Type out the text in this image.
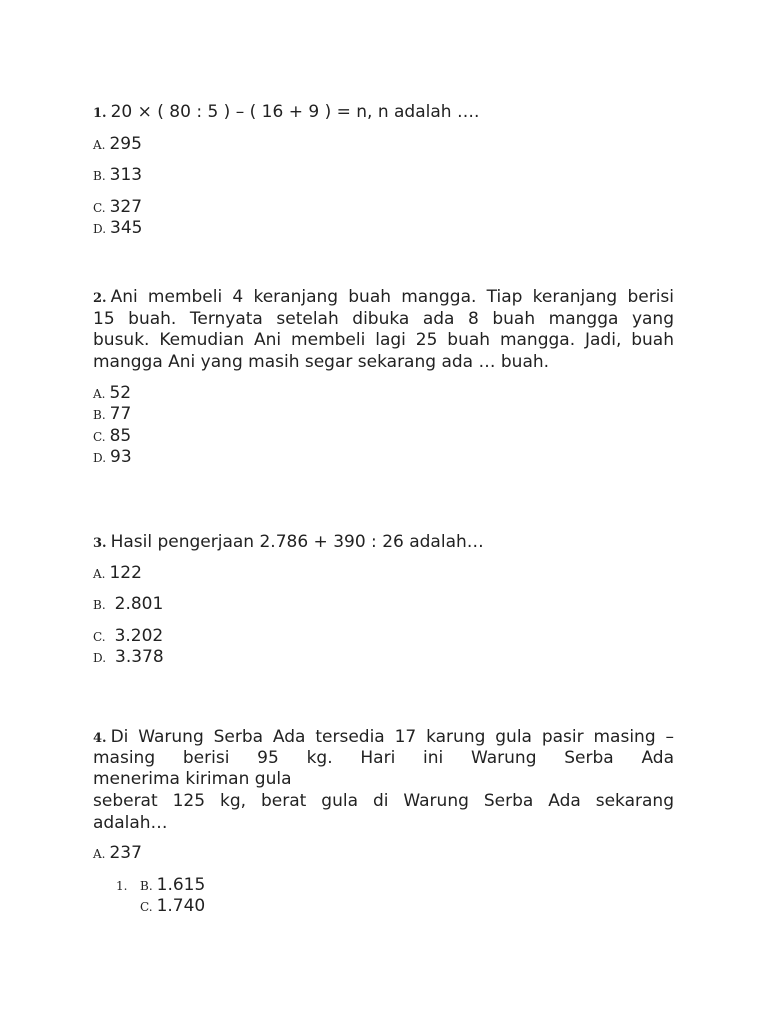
1. 20 × ( 80 : 5 ) – ( 16 + 9 ) = n, n adalah ….
A. 295
B. 313
C. 327
D. 345
2. Ani membeli 4 keranjang buah mangga. Tiap keranjang berisi
15 buah. Ternyata setelah dibuka ada 8 buah mangga yang
busuk. Kemudian Ani membeli lagi 25 buah mangga. Jadi, buah
mangga Ani yang masih segar sekarang ada … buah.
A. 52
B. 77
C. 85
D. 93
3. Hasil pengerjaan 2.786 + 390 : 26 adalah…
A. 122
B. 2.801
C. 3.202
D. 3.378
4. Di Warung Serba Ada tersedia 17 karung gula pasir masing –
masing berisi 95 kg. Hari ini Warung Serba Ada
menerima kiriman gula
seberat 125 kg, berat gula di Warung Serba Ada sekarang
adalah…
A. 237
1.	B. 1.615
C. 1.740
